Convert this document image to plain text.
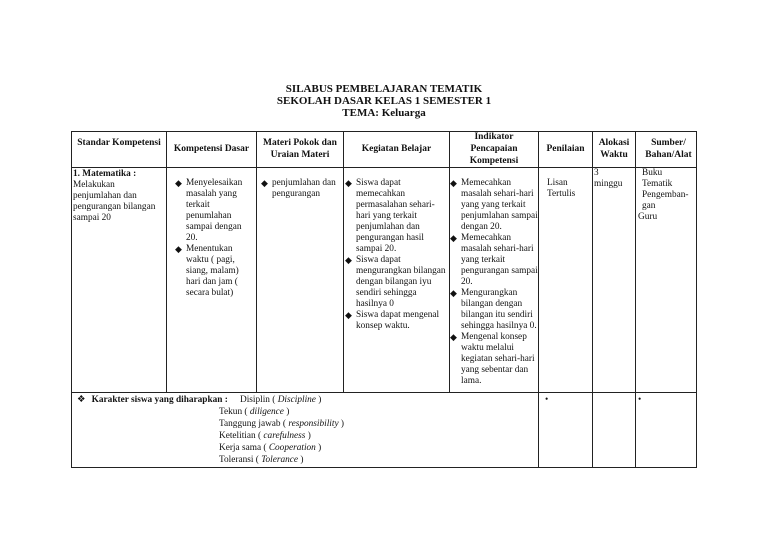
SILABUS PEMBELAJARAN TEMATIK
SEKOLAH DASAR KELAS 1 SEMESTER 1
TEMA: Keluarga
Standar Kompetensi
Kompetensi Dasar
Materi Pokok dan Uraian Materi
Kegiatan Belajar
Indikator Pencapaian Kompetensi
Penilaian
Alokasi Waktu
Sumber/ Bahan/Alat
1. Matematika :
Melakukan penjumlahan dan pengurangan bilangan sampai 20
◆ Menyelesaikan masalah yang terkait penumlahan sampai dengan 20.
◆ Menentukan waktu ( pagi, siang, malam) hari dan jam ( secara bulat)
◆ penjumlahan dan pengurangan
◆ Siswa dapat memecahkan permasalahan sehari-hari yang terkait penjumlahan dan pengurangan hasil sampai 20.
◆ Siswa dapat mengurangkan bilangan dengan bilangan iyu sendiri sehingga hasilnya 0
◆ Siswa dapat mengenal konsep waktu.
◆ Memecahkan masalah sehari-hari yang yang terkait penjumlahan sampai dengan 20.
◆ Memecahkan masalah sehari-hari yang terkait pengurangan sampai 20.
◆ Mengurangkan bilangan dengan bilangan itu sendiri sehingga hasilnya 0.
◆ Mengenal konsep waktu melalui kegiatan sehari-hari yang sebentar dan lama.
Lisan
Tertulis
3
minggu
Buku
Tematik
Pengemban-
gan
Guru
❖ Karakter siswa yang diharapkan : Disiplin ( Discipline )
Tekun ( diligence )
Tanggung jawab ( responsibility )
Ketelitian ( carefulness )
Kerja sama ( Cooperation )
Toleransi ( Tolerance )
•	•
